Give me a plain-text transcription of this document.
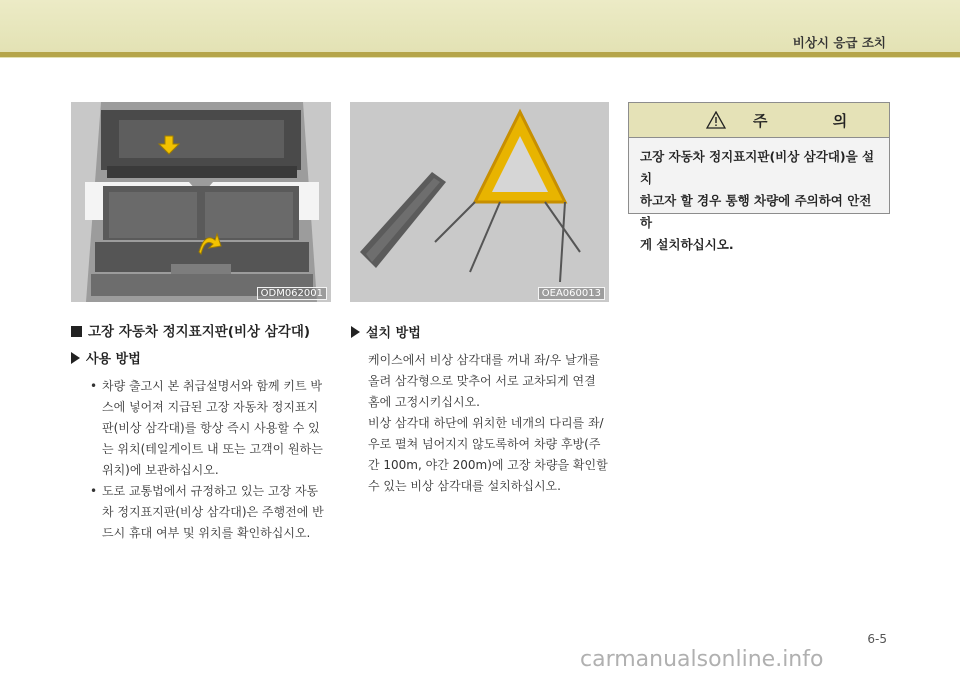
비상시 응급 조치
ODM062001	OEA060013
주 의
고장 자동차 정지표지판(비상 삼각대)을 설치
하고자 할 경우 통행 차량에 주의하여 안전하
게 설치하십시오.
고장 자동차 정지표지판(비상 삼각대)
사용 방법
• 차량 출고시 본 취급설명서와 함께 키트 박
스에 넣어져 지급된 고장 자동차 정지표지
판(비상 삼각대)를 항상 즉시 사용할 수 있
는 위치(테일게이트 내 또는 고객이 원하는
위치)에 보관하십시오.
• 도로 교통법에서 규정하고 있는 고장 자동
차 정지표지판(비상 삼각대)은 주행전에 반
드시 휴대 여부 및 위치를 확인하십시오.
설치 방법
케이스에서 비상 삼각대를 꺼내 좌/우 날개를
올려 삼각형으로 맞추어 서로 교차되게 연결
홈에 고정시키십시오.
비상 삼각대 하단에 위치한 네개의 다리를 좌/
우로 펼쳐 넘어지지 않도록하여 차량 후방(주
간 100m, 야간 200m)에 고장 차량을 확인할
수 있는 비상 삼각대를 설치하십시오.
6-5
carmanualsonline.info
